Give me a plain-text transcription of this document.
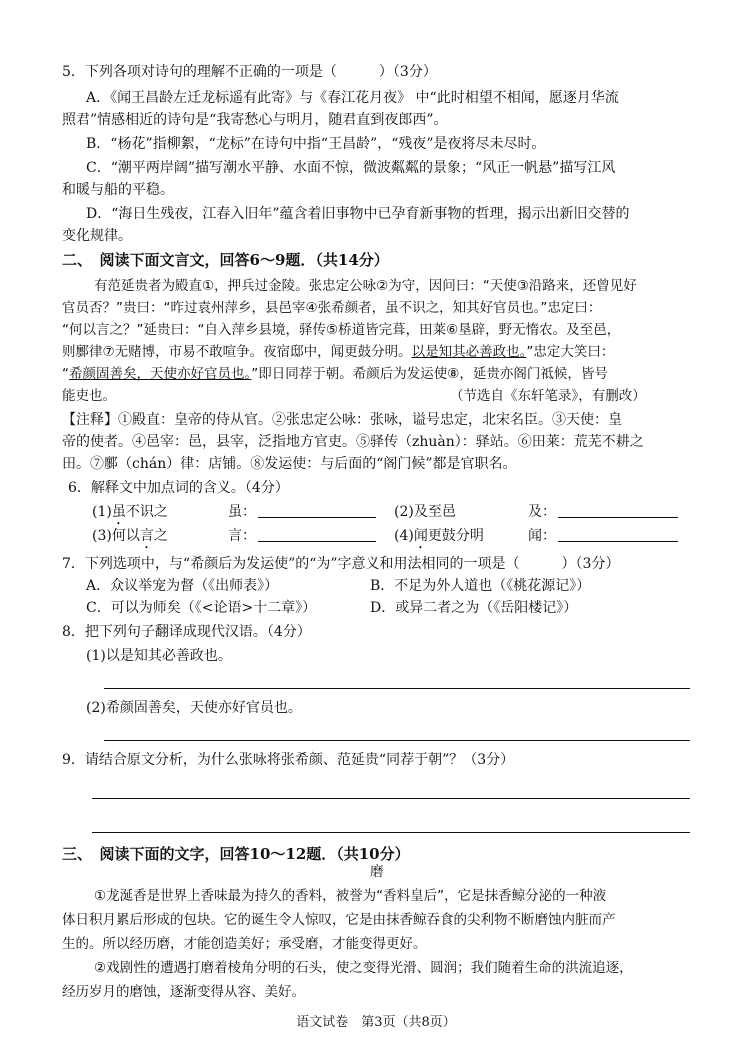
5．下列各项对诗句的理解不正确的一项是（　　　）（3分）
A．《闻王昌龄左迁龙标遥有此寄》与《春江花月夜》 中“此时相望不相闻，愿逐月华流
照君”情感相近的诗句是“我寄愁心与明月，随君直到夜郎西”。
B．“杨花”指柳絮，“龙标”在诗句中指“王昌龄”，“残夜”是夜将尽未尽时。
C．“潮平两岸阔”描写潮水平静、水面不惊，微波粼粼的景象；“风正一帆悬”描写江风
和暖与船的平稳。
D．“海日生残夜，江春入旧年”蕴含着旧事物中已孕育新事物的哲理，揭示出新旧交替的
变化规律。
二、　阅读下面文言文，回答6～9题．（共14分）
有范延贵者为殿直①，押兵过金陵。张忠定公咏②为守，因问曰：“天使③沿路来，还曾见好
官员否？”贵曰：“昨过袁州萍乡，县邑宰④张希颜者，虽不识之，知其好官员也。”忠定曰：
“何以言之？”延贵曰：“自入萍乡县境，驿传⑤桥道皆完葺，田莱⑥垦辟，野无惰农。及至邑，
则鄽律⑦无赌博，市易不敢喧争。夜宿邸中，闻更鼓分明。以是知其必善政也。”忠定大笑曰：
“希颜固善矣，天使亦好官员也。”即日同荐于朝。希颜后为发运使⑧，延贵亦阁门祗候，皆号
能吏也。	（节选自《东轩笔录》，有删改）
【注释】①殿直：皇帝的侍从官。②张忠定公咏：张咏，谥号忠定，北宋名臣。③天使：皇
帝的使者。④邑宰：邑，县宰，泛指地方官吏。⑤驿传（zhuàn）：驿站。⑥田莱：荒芜不耕之
田。⑦鄽（chán）律：店铺。⑧发运使：与后面的“阁门候”都是官职名。
6．解释文中加点词的含义。（4分）
(1)虽不识之	虽：	(2)及至邑	及：
(3)何以言之	言：	(4)闻更鼓分明	闻：
7．下列选项中，与“希颜后为发运使”的“为”字意义和用法相同的一项是（　　　）（3分）
A．众议举宠为督（《出师表》）	B．不足为外人道也（《桃花源记》）
C．可以为师矣（《<论语>十二章》）	D．或异二者之为（《岳阳楼记》）
8．把下列句子翻译成现代汉语。（4分）
(1)以是知其必善政也。
(2)希颜固善矣，天使亦好官员也。
9．请结合原文分析，为什么张咏将张希颜、范延贵“同荐于朝”？（3分）
三、　阅读下面的文字，回答10～12题．（共10分）
磨
①龙涎香是世界上香味最为持久的香料，被誉为“香料皇后”，它是抹香鲸分泌的一种液
体日积月累后形成的包块。它的诞生令人惊叹，它是由抹香鲸吞食的尖利物不断磨蚀内脏而产
生的。所以经历磨，才能创造美好；承受磨，才能变得更好。
②戏剧性的遭遇打磨着棱角分明的石头，使之变得光滑、圆润；我们随着生命的洪流追逐，
经历岁月的磨蚀，逐渐变得从容、美好。
语文试卷　第3页（共8页）
